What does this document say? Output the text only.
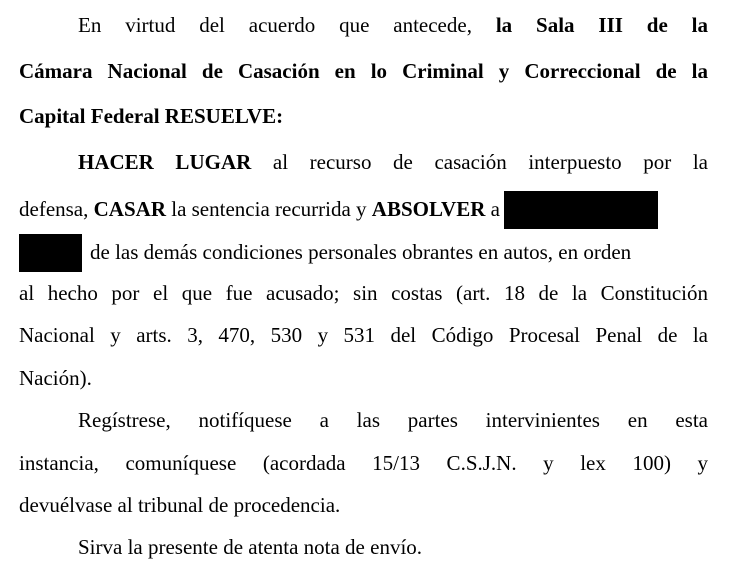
En virtud del acuerdo que antecede, la Sala III de la
Cámara Nacional de Casación en lo Criminal y Correccional de la
Capital Federal RESUELVE:
HACER LUGAR al recurso de casación interpuesto por la
defensa, CASAR la sentencia recurrida y ABSOLVER a
de las demás condiciones personales obrantes en autos, en orden
al hecho por el que fue acusado; sin costas (art. 18 de la Constitución
Nacional y arts. 3, 470, 530 y 531 del Código Procesal Penal de la
Nación).
Regístrese, notifíquese a las partes intervinientes en esta
instancia, comuníquese (acordada 15/13 C.S.J.N. y lex 100) y
devuélvase al tribunal de procedencia.
Sirva la presente de atenta nota de envío.
